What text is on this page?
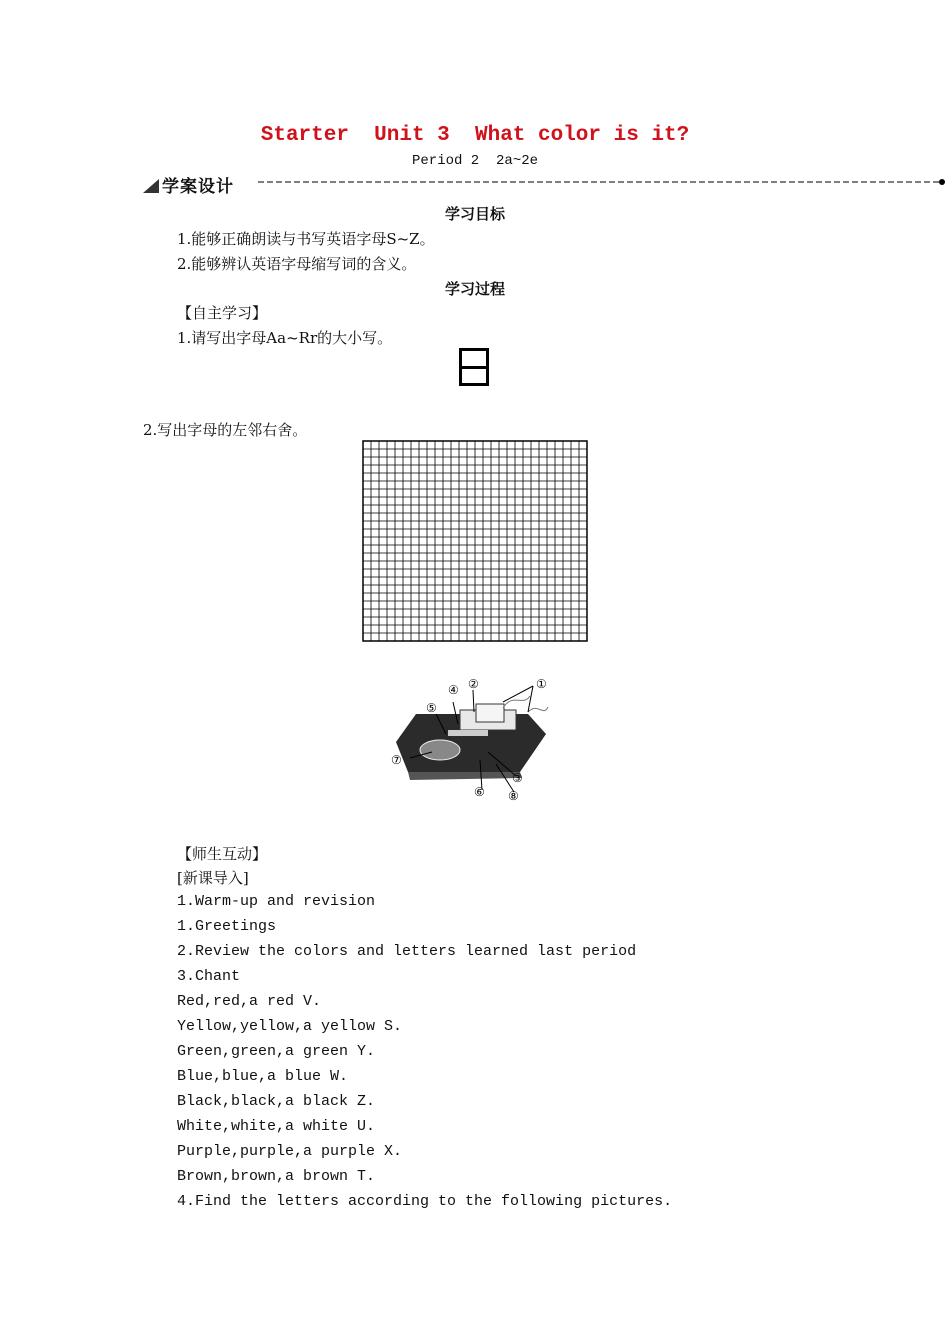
Starter  Unit 3  What color is it?
Period 2  2a~2e
学案设计
学习目标
1.能够正确朗读与书写英语字母S~Z。
2.能够辨认英语字母缩写词的含义。
学习过程
【自主学习】
1.请写出字母Aa~Rr的大小写。
2.写出字母的左邻右舍。
①
②
③
④
⑤
⑥
⑦
⑧
【师生互动】
[新课导入]
1.Warm-up and revision
1.Greetings
2.Review the colors and letters learned last period
3.Chant
Red,red,a red V.
Yellow,yellow,a yellow S.
Green,green,a green Y.
Blue,blue,a blue W.
Black,black,a black Z.
White,white,a white U.
Purple,purple,a purple X.
Brown,brown,a brown T.
4.Find the letters according to the following pictures.
